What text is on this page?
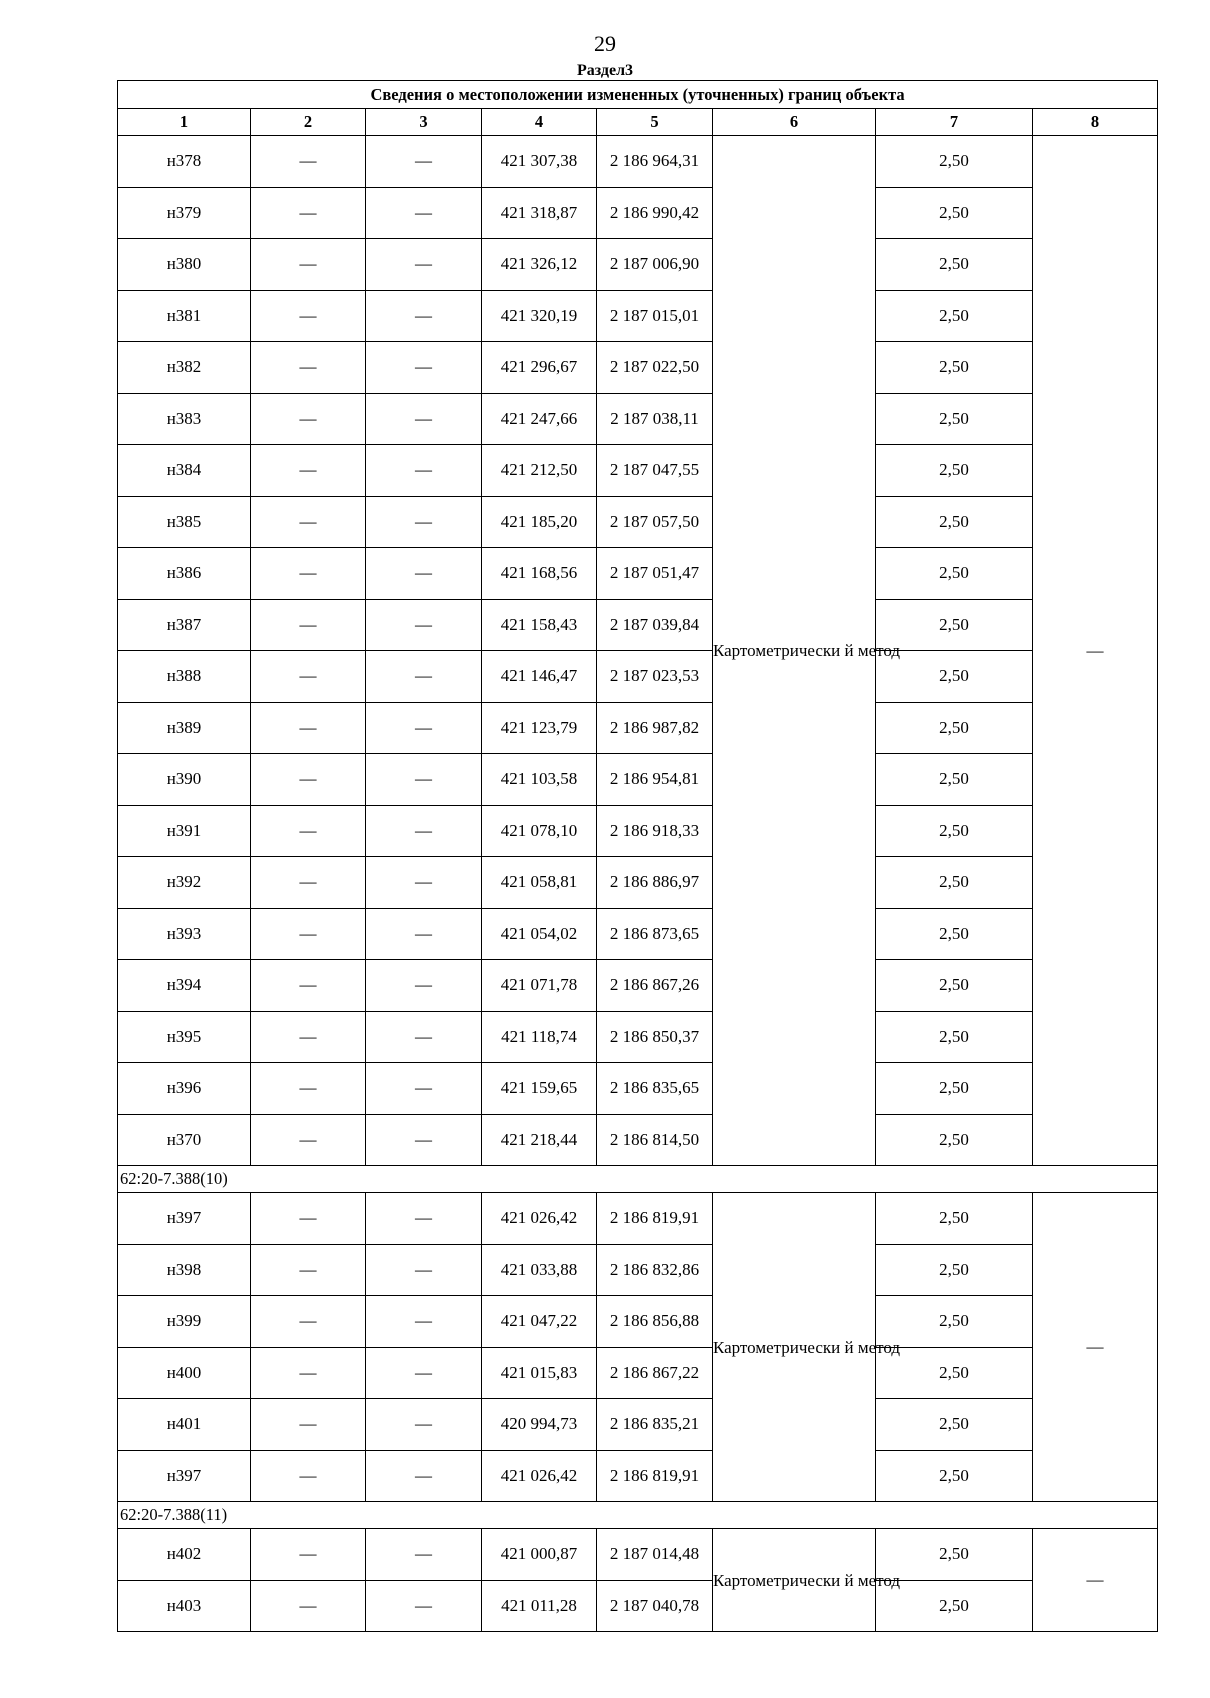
29
Раздел3
Сведения о местоположении измененных (уточненных) границ объекта							
1	2	3	4	5	6	7	8
н378	—	—	421 307,38	2 186 964,31	Картометрически й метод	2,50	—
н379	—	—	421 318,87	2 186 990,42		2,50	
н380	—	—	421 326,12	2 187 006,90		2,50	
н381	—	—	421 320,19	2 187 015,01		2,50	
н382	—	—	421 296,67	2 187 022,50		2,50	
н383	—	—	421 247,66	2 187 038,11		2,50	
н384	—	—	421 212,50	2 187 047,55		2,50	
н385	—	—	421 185,20	2 187 057,50		2,50	
н386	—	—	421 168,56	2 187 051,47		2,50	
н387	—	—	421 158,43	2 187 039,84		2,50	
н388	—	—	421 146,47	2 187 023,53		2,50	
н389	—	—	421 123,79	2 186 987,82		2,50	
н390	—	—	421 103,58	2 186 954,81		2,50	
н391	—	—	421 078,10	2 186 918,33		2,50	
н392	—	—	421 058,81	2 186 886,97		2,50	
н393	—	—	421 054,02	2 186 873,65		2,50	
н394	—	—	421 071,78	2 186 867,26		2,50	
н395	—	—	421 118,74	2 186 850,37		2,50	
н396	—	—	421 159,65	2 186 835,65		2,50	
н370	—	—	421 218,44	2 186 814,50		2,50	
62:20-7.388(10)							
н397	—	—	421 026,42	2 186 819,91	Картометрически й метод	2,50	—
н398	—	—	421 033,88	2 186 832,86		2,50	
н399	—	—	421 047,22	2 186 856,88		2,50	
н400	—	—	421 015,83	2 186 867,22		2,50	
н401	—	—	420 994,73	2 186 835,21		2,50	
н397	—	—	421 026,42	2 186 819,91		2,50	
62:20-7.388(11)							
н402	—	—	421 000,87	2 187 014,48	Картометрически й метод	2,50	—
н403	—	—	421 011,28	2 187 040,78		2,50	
